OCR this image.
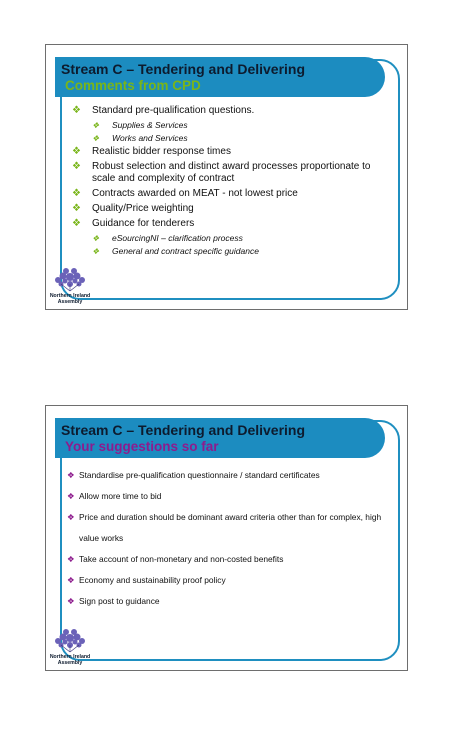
Stream C – Tendering and Delivering
Comments from CPD
❖ Standard pre-qualification questions.
❖ Supplies & Services
❖ Works and Services
❖ Realistic bidder response times
❖ Robust selection and distinct award processes proportionate to scale and complexity of contract
❖ Contracts awarded on MEAT - not lowest price
❖ Quality/Price weighting
❖ Guidance for tenderers
❖ eSourcingNI – clarification process
❖ General and contract specific guidance
Northern Ireland
Assembly
Stream C – Tendering and Delivering
Your suggestions so far
❖ Standardise pre-qualification questionnaire / standard certificates
❖ Allow more time to bid
❖ Price and duration should be dominant award criteria other than for complex, high value works
❖ Take account of non-monetary and non-costed benefits
❖ Economy and sustainability proof policy
❖ Sign post to guidance
Northern Ireland
Assembly
